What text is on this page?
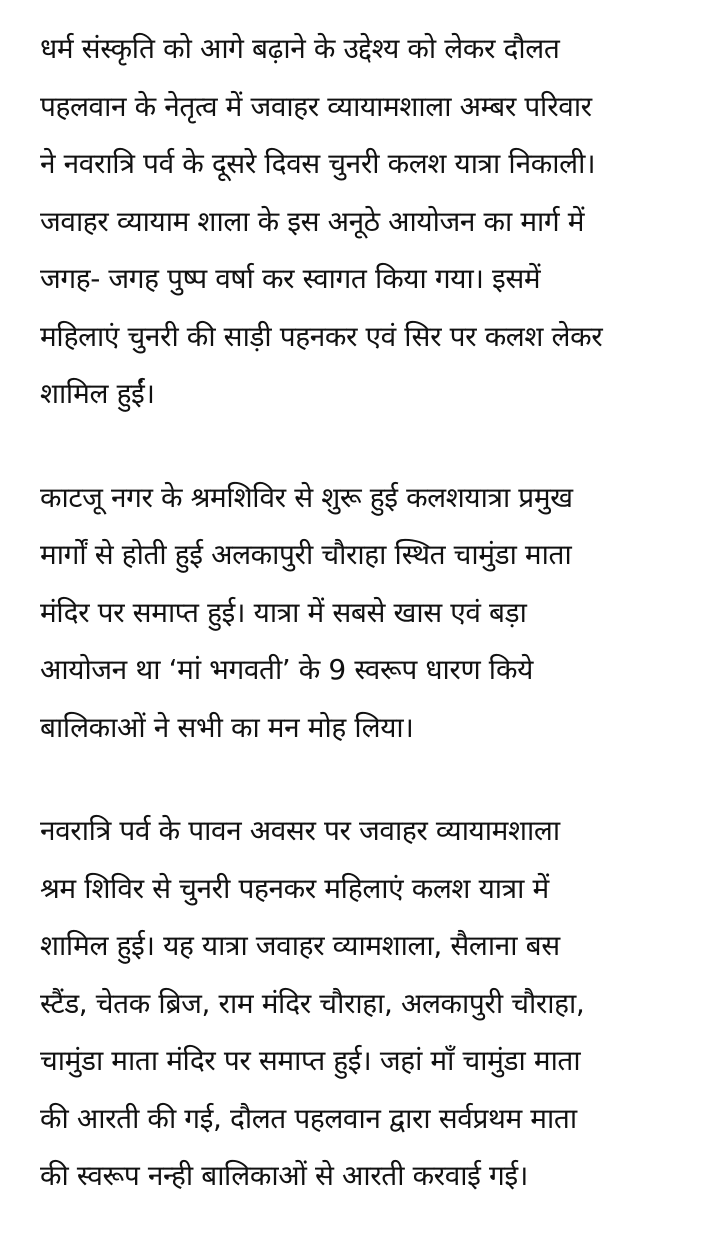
धर्म संस्कृति को आगे बढ़ाने के उद्देश्य को लेकर दौलत
पहलवान के नेतृत्व में जवाहर व्यायामशाला अम्बर परिवार
ने नवरात्रि पर्व के दूसरे दिवस चुनरी कलश यात्रा निकाली।
जवाहर व्यायाम शाला के इस अनूठे आयोजन का मार्ग में
जगह- जगह पुष्प वर्षा कर स्वागत किया गया। इसमें
महिलाएं चुनरी की साड़ी पहनकर एवं सिर पर कलश लेकर
शामिल हुईं।

काटजू नगर के श्रमशिविर से शुरू हुई कलशयात्रा प्रमुख
मार्गों से होती हुई अलकापुरी चौराहा स्थित चामुंडा माता
मंदिर पर समाप्त हुई। यात्रा में सबसे खास एवं बड़ा
आयोजन था ‘मां भगवती’ के 9 स्वरूप धारण किये
बालिकाओं ने सभी का मन मोह लिया।

नवरात्रि पर्व के पावन अवसर पर जवाहर व्यायामशाला
श्रम शिविर से चुनरी पहनकर महिलाएं कलश यात्रा में
शामिल हुई। यह यात्रा जवाहर व्यामशाला, सैलाना बस
स्टैंड, चेतक ब्रिज, राम मंदिर चौराहा, अलकापुरी चौराहा,
चामुंडा माता मंदिर पर समाप्त हुई। जहां माँ चामुंडा माता
की आरती की गई, दौलत पहलवान द्वारा सर्वप्रथम माता
की स्वरूप नन्ही बालिकाओं से आरती करवाई गई।
